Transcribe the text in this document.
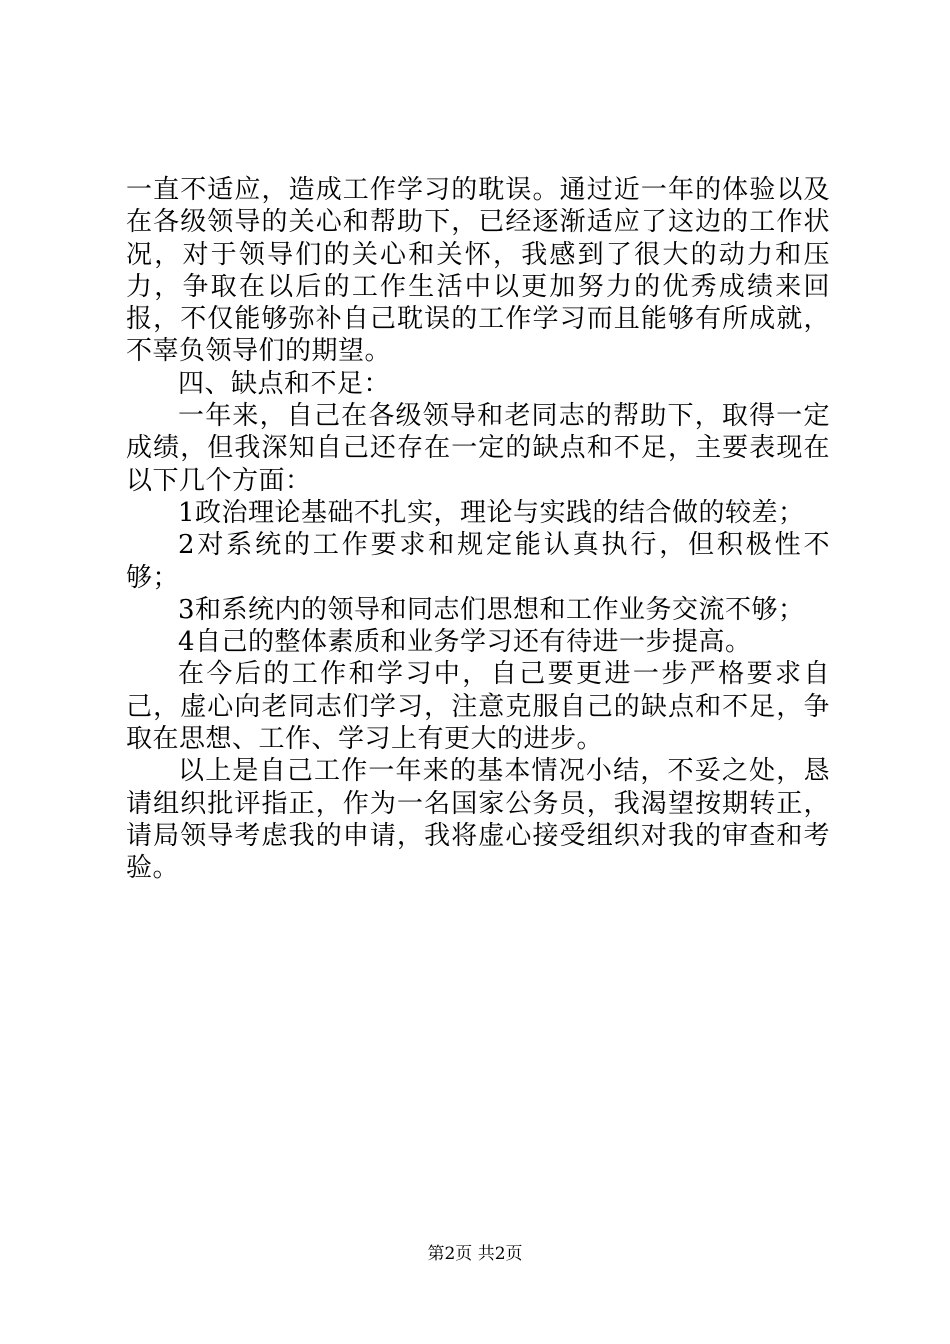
一直不适应，造成工作学习的耽误。通过近一年的体验以及在各级领导的关心和帮助下，已经逐渐适应了这边的工作状况，对于领导们的关心和关怀，我感到了很大的动力和压力，争取在以后的工作生活中以更加努力的优秀成绩来回报，不仅能够弥补自己耽误的工作学习而且能够有所成就，不辜负领导们的期望。

四、缺点和不足：

一年来，自己在各级领导和老同志的帮助下，取得一定成绩，但我深知自己还存在一定的缺点和不足，主要表现在以下几个方面：

1政治理论基础不扎实，理论与实践的结合做的较差；

2对系统的工作要求和规定能认真执行，但积极性不够；

3和系统内的领导和同志们思想和工作业务交流不够；

4自己的整体素质和业务学习还有待进一步提高。

在今后的工作和学习中，自己要更进一步严格要求自己，虚心向老同志们学习，注意克服自己的缺点和不足，争取在思想、工作、学习上有更大的进步。

以上是自己工作一年来的基本情况小结，不妥之处，恳请组织批评指正，作为一名国家公务员，我渴望按期转正，请局领导考虑我的申请，我将虚心接受组织对我的审查和考验。

第2页 共2页
